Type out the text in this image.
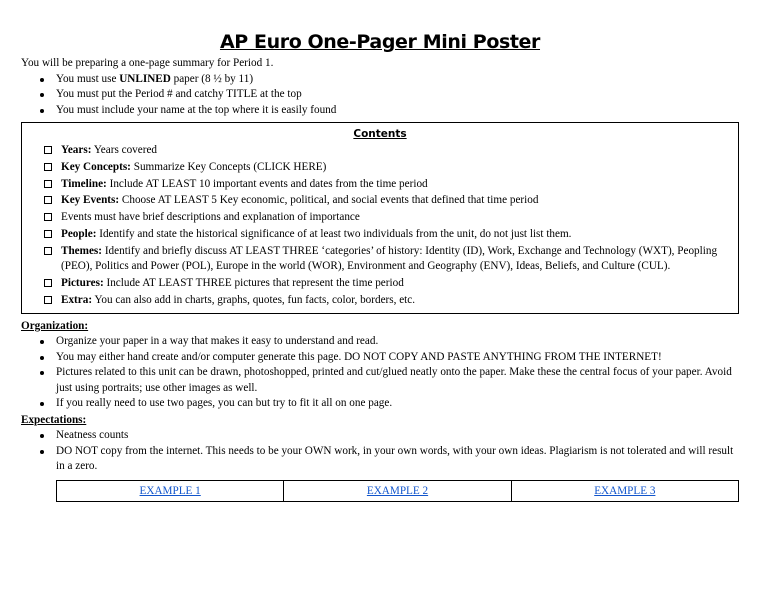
AP Euro One-Pager Mini Poster
You will be preparing a one-page summary for Period 1.
You must use UNLINED paper (8 ½ by 11)
You must put the Period # and catchy TITLE at the top
You must include your name at the top where it is easily found
Contents
Years: Years covered
Key Concepts: Summarize Key Concepts (CLICK HERE)
Timeline: Include AT LEAST 10 important events and dates from the time period
Key Events: Choose AT LEAST 5 Key economic, political, and social events that defined that time period
Events must have brief descriptions and explanation of importance
People: Identify and state the historical significance of at least two individuals from the unit, do not just list them.
Themes: Identify and briefly discuss AT LEAST THREE ‘categories’ of history: Identity (ID), Work, Exchange and Technology (WXT), Peopling (PEO), Politics and Power (POL), Europe in the world (WOR), Environment and Geography (ENV), Ideas, Beliefs, and Culture (CUL).
Pictures: Include AT LEAST THREE pictures that represent the time period
Extra: You can also add in charts, graphs, quotes, fun facts, color, borders, etc.
Organization:
Organize your paper in a way that makes it easy to understand and read.
You may either hand create and/or computer generate this page. DO NOT COPY AND PASTE ANYTHING FROM THE INTERNET!
Pictures related to this unit can be drawn, photoshopped, printed and cut/glued neatly onto the paper. Make these the central focus of your paper. Avoid just using portraits; use other images as well.
If you really need to use two pages, you can but try to fit it all on one page.
Expectations:
Neatness counts
DO NOT copy from the internet. This needs to be your OWN work, in your own words, with your own ideas. Plagiarism is not tolerated and will result in a zero.
EXAMPLE 1	EXAMPLE 2	EXAMPLE 3
